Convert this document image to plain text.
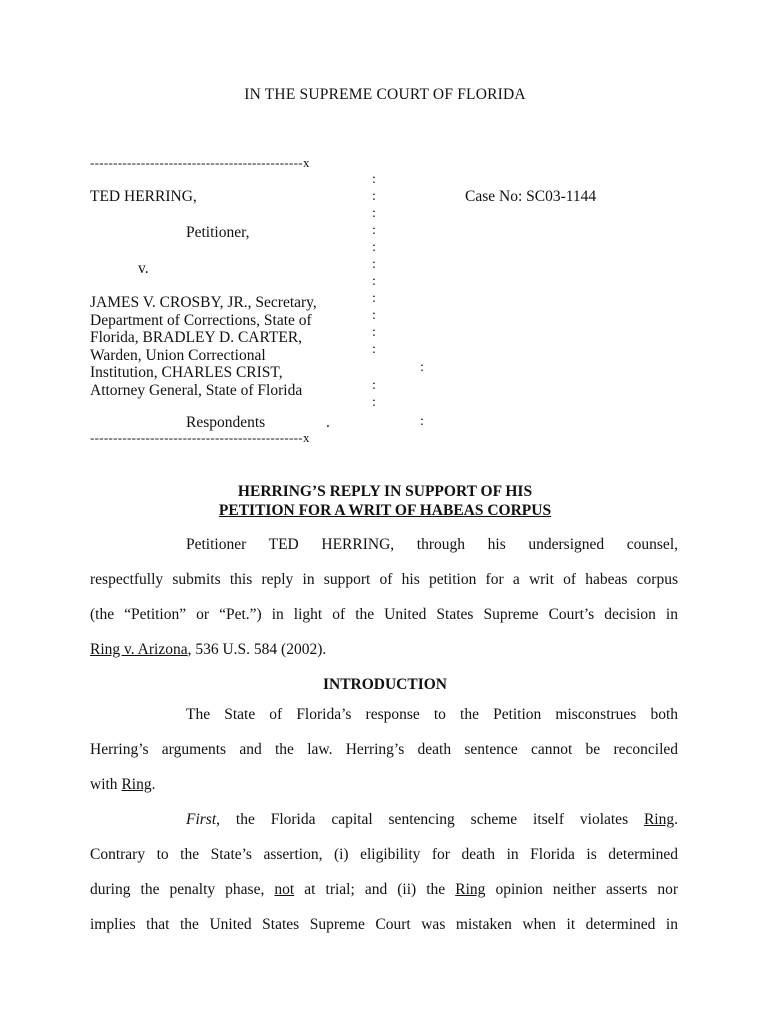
IN THE SUPREME COURT OF FLORIDA
----------------------------------------------x
:
:
:
:
:
:
:
:
:
:
:
:
:
:
:
TED HERRING,	Case No: SC03-1144
Petitioner,
v.
JAMES V. CROSBY, JR., Secretary,
Department of Corrections, State of
Florida, BRADLEY D. CARTER,
Warden, Union Correctional
Institution, CHARLES CRIST,
Attorney General, State of Florida
Respondents	.
----------------------------------------------x
HERRING’S REPLY IN SUPPORT OF HIS
PETITION FOR A WRIT OF HABEAS CORPUS
Petitioner TED HERRING, through his undersigned counsel,
respectfully submits this reply in support of his petition for a writ of habeas corpus
(the “Petition” or “Pet.”) in light of the United States Supreme Court’s decision in
Ring v. Arizona, 536 U.S. 584 (2002).
INTRODUCTION
The State of Florida’s response to the Petition misconstrues both
Herring’s arguments and the law. Herring’s death sentence cannot be reconciled
with Ring.
First, the Florida capital sentencing scheme itself violates Ring.
Contrary to the State’s assertion, (i) eligibility for death in Florida is determined
during the penalty phase, not at trial; and (ii) the Ring opinion neither asserts nor
implies that the United States Supreme Court was mistaken when it determined in
